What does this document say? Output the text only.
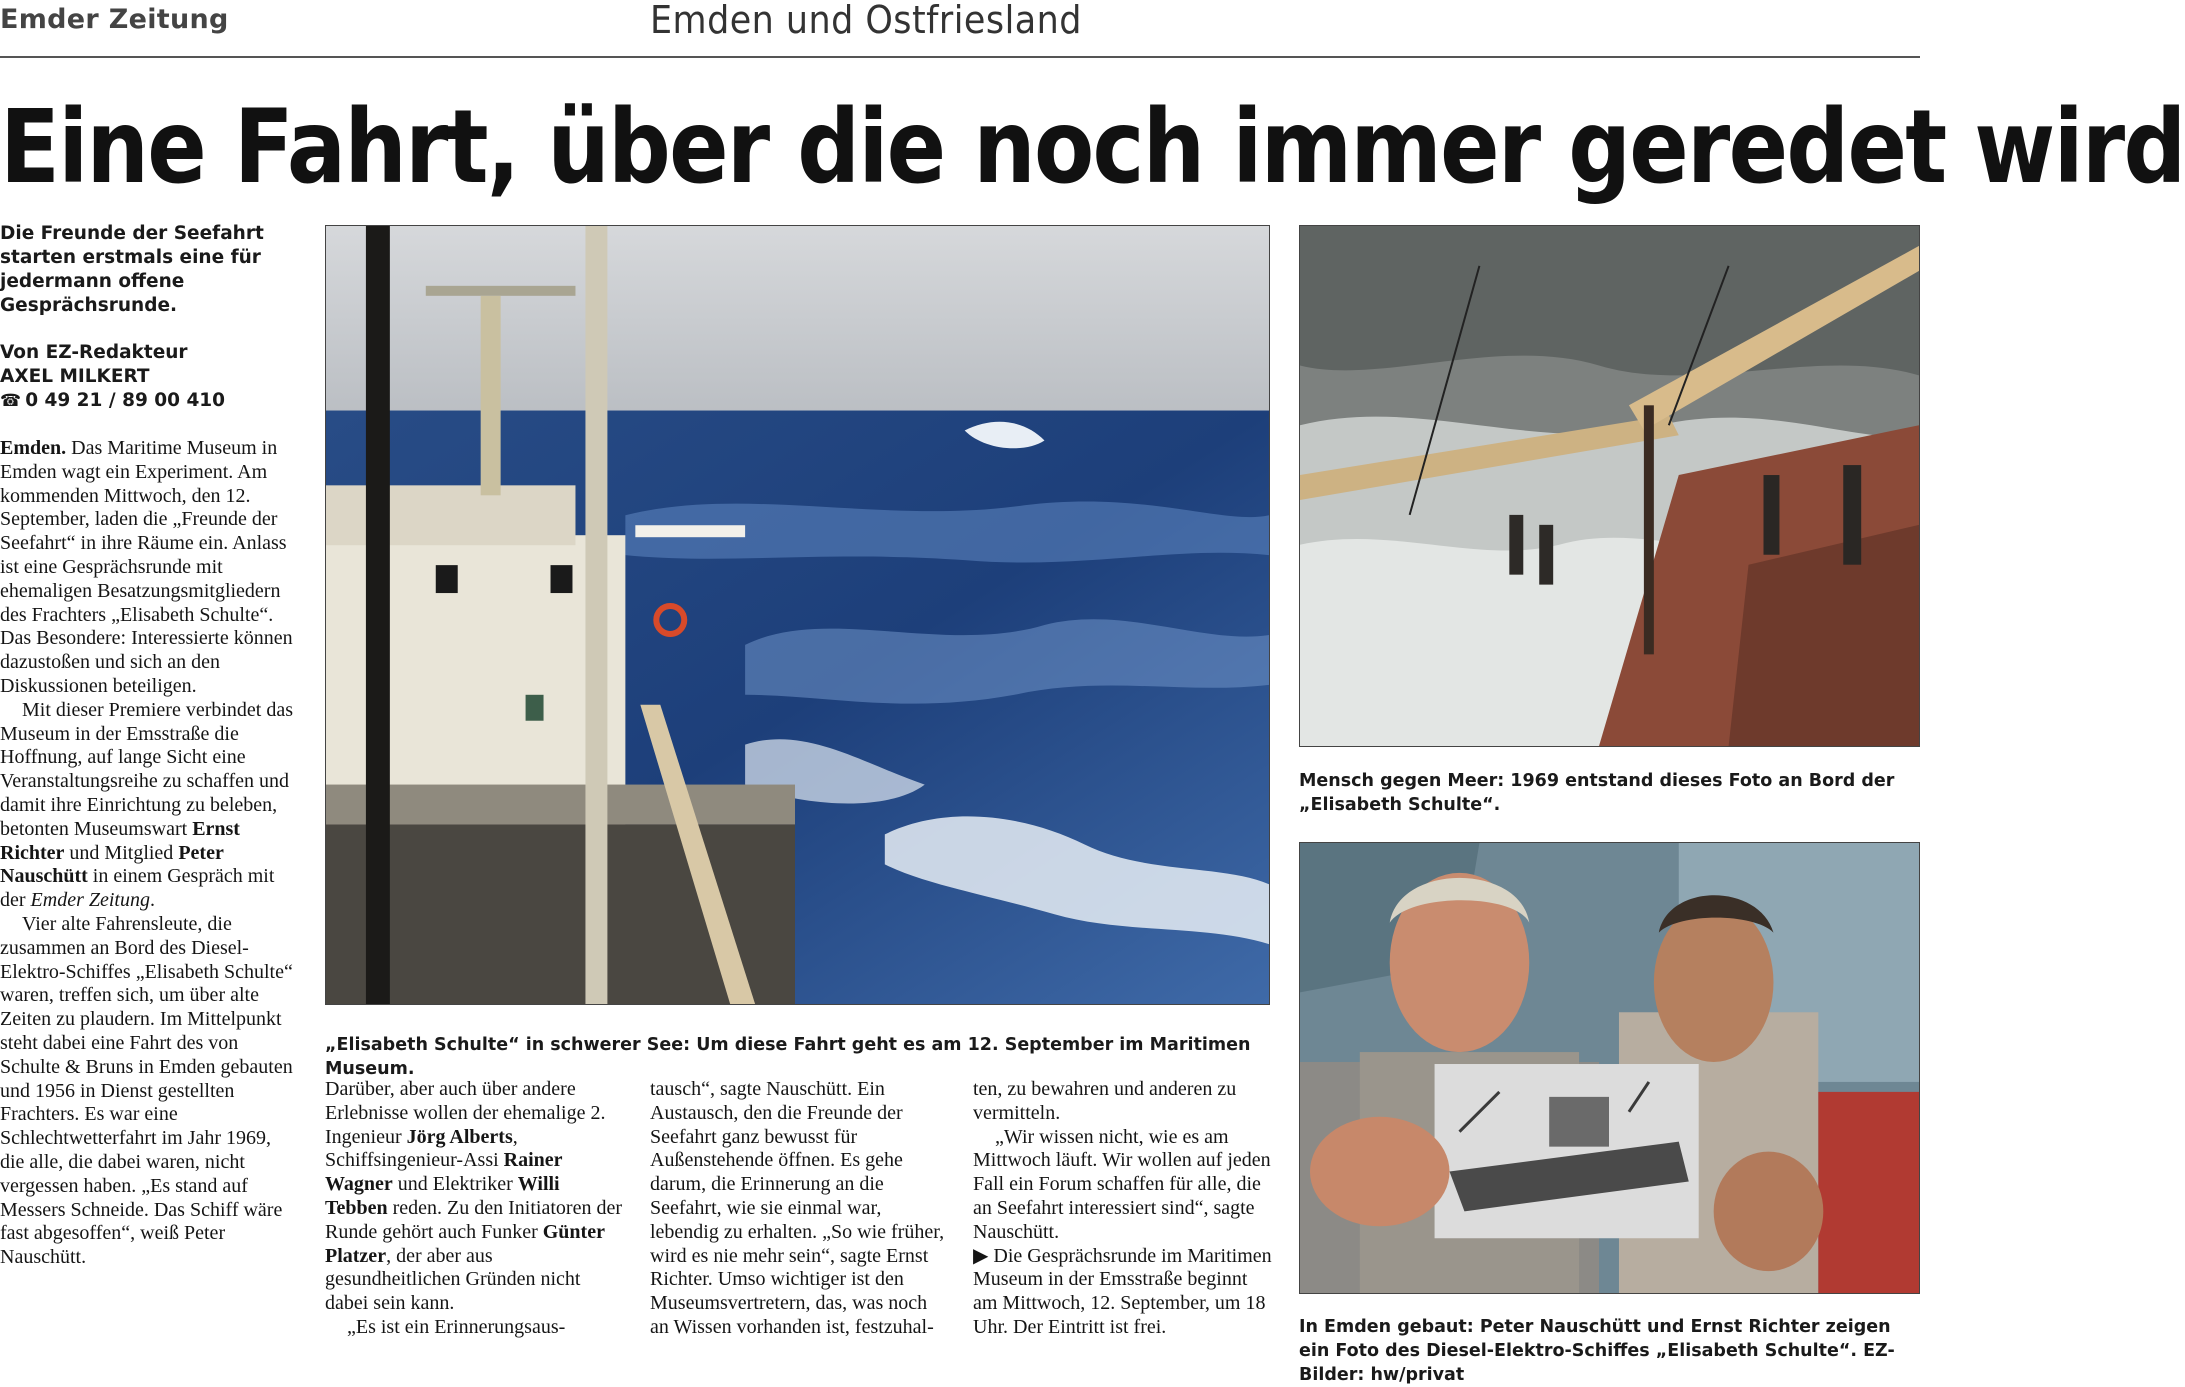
Emder Zeitung	Emden und Ostfriesland
Eine Fahrt, über die noch immer geredet wird
Die Freunde der Seefahrt starten erstmals eine für jedermann offene Gesprächsrunde.
Von EZ-Redakteur
AXEL MILKERT
☎ 0 49 21 / 89 00 410

Emden. Das Maritime Museum in Emden wagt ein Experiment. Am kommenden Mittwoch, den 12. September, laden die „Freunde der Seefahrt“ in ihre Räume ein. Anlass ist eine Gesprächsrunde mit ehemaligen Besatzungsmitgliedern des Frachters „Elisabeth Schulte“. Das Besondere: Interessierte können dazustoßen und sich an den Diskussionen beteiligen.

Mit dieser Premiere verbindet das Museum in der Emsstraße die Hoffnung, auf lange Sicht eine Veranstaltungsreihe zu schaffen und damit ihre Einrichtung zu beleben, betonten Museumswart Ernst Richter und Mitglied Peter Nauschütt in einem Gespräch mit der Emder Zeitung.

Vier alte Fahrensleute, die zusammen an Bord des Diesel-Elektro-Schiffes „Elisabeth Schulte“ waren, treffen sich, um über alte Zeiten zu plaudern. Im Mittelpunkt steht dabei eine Fahrt des von Schulte & Bruns in Emden gebauten und 1956 in Dienst gestellten Frachters. Es war eine Schlechtwetterfahrt im Jahr 1969, die alle, die dabei waren, nicht vergessen haben. „Es stand auf Messers Schneide. Das Schiff wäre fast abgesoffen“, weiß Peter Nauschütt.

Darüber, aber auch über andere Erlebnisse wollen der ehemalige 2. Ingenieur Jörg Alberts, Schiffsingenieur-Assi Rainer Wagner und Elektriker Willi Tebben reden. Zu den Initiatoren der Runde gehört auch Funker Günter Platzer, der aber aus gesundheitlichen Gründen nicht dabei sein kann.

„Es ist ein Erinnerungsaus-

tausch“, sagte Nauschütt. Ein Austausch, den die Freunde der Seefahrt ganz bewusst für Außenstehende öffnen. Es gehe darum, die Erinnerung an die Seefahrt, wie sie einmal war, lebendig zu erhalten. „So wie früher, wird es nie mehr sein“, sagte Ernst Richter. Umso wichtiger ist den Museumsvertretern, das, was noch an Wissen vorhanden ist, festzuhal-

ten, zu bewahren und anderen zu vermitteln.

„Wir wissen nicht, wie es am Mittwoch läuft. Wir wollen auf jeden Fall ein Forum schaffen für alle, die an Seefahrt interessiert sind“, sagte Nauschütt.

▶ Die Gesprächsrunde im Maritimen Museum in der Emsstraße beginnt am Mittwoch, 12. September, um 18 Uhr. Der Eintritt ist frei.

„Elisabeth Schulte“ in schwerer See: Um diese Fahrt geht es am 12. September im Maritimen Museum.
Mensch gegen Meer: 1969 entstand dieses Foto an Bord der „Elisabeth Schulte“.
In Emden gebaut: Peter Nauschütt und Ernst Richter zeigen ein Foto des Diesel-Elektro-Schiffes „Elisabeth Schulte“. EZ-Bilder: hw/privat
